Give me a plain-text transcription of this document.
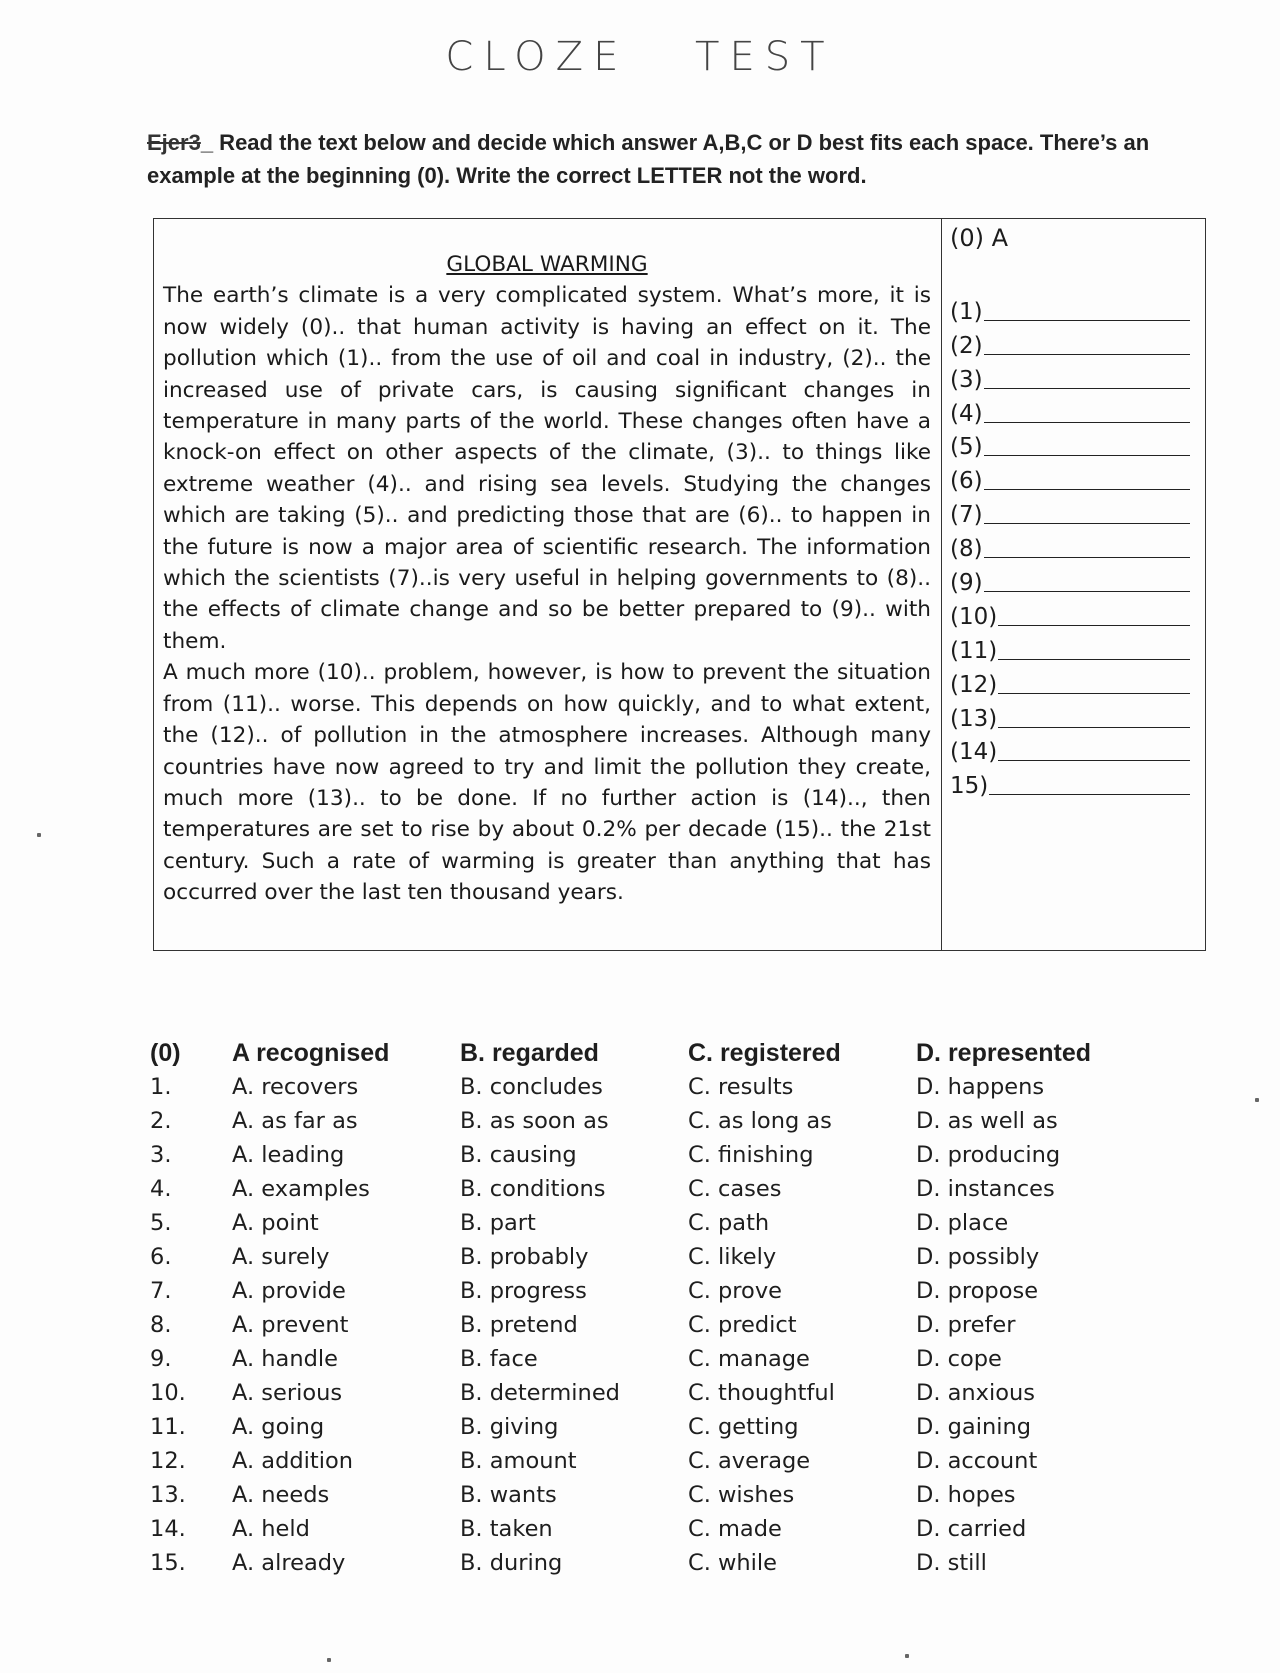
CLOZE TEST
Ejer3_ Read the text below and decide which answer A,B,C or D best fits each space. There’s an example at the beginning (0). Write the correct LETTER not the word.

GLOBAL WARMING

The earth’s climate is a very complicated system. What’s more, it is now widely (0).. that human activity is having an effect on it. The pollution which (1).. from the use of oil and coal in industry, (2).. the increased use of private cars, is causing significant changes in temperature in many parts of the world. These changes often have a knock-on effect on other aspects of the climate, (3).. to things like extreme weather (4).. and rising sea levels. Studying the changes which are taking (5).. and predicting those that are (6).. to happen in the future is now a major area of scientific research. The information which the scientists (7)..is very useful in helping governments to (8).. the effects of climate change and so be better prepared to (9).. with them.

A much more (10).. problem, however, is how to prevent the situation from (11).. worse. This depends on how quickly, and to what extent, the (12).. of pollution in the atmosphere increases. Although many countries have now agreed to try and limit the pollution they create, much more (13).. to be done. If no further action is (14).., then temperatures are set to rise by about 0.2% per decade (15).. the 21st century. Such a rate of warming is greater than anything that has occurred over the last ten thousand years.

(0) A
(1)
(2)
(3)
(4)
(5)
(6)
(7)
(8)
(9)
(10)
(11)
(12)
(13)
(14)
15)
(0)	A recognised	B. regarded	C. registered	D. represented
1.	A. recovers	B. concludes	C. results	D. happens
2.	A. as far as	B. as soon as	C. as long as	D. as well as
3.	A. leading	B. causing	C. finishing	D. producing
4.	A. examples	B. conditions	C. cases	D. instances
5.	A. point	B. part	C. path	D. place
6.	A. surely	B. probably	C. likely	D. possibly
7.	A. provide	B. progress	C. prove	D. propose
8.	A. prevent	B. pretend	C. predict	D. prefer
9.	A. handle	B. face	C. manage	D. cope
10.	A. serious	B. determined	C. thoughtful	D. anxious
11.	A. going	B. giving	C. getting	D. gaining
12.	A. addition	B. amount	C. average	D. account
13.	A. needs	B. wants	C. wishes	D. hopes
14.	A. held	B. taken	C. made	D. carried
15.	A. already	B. during	C. while	D. still
